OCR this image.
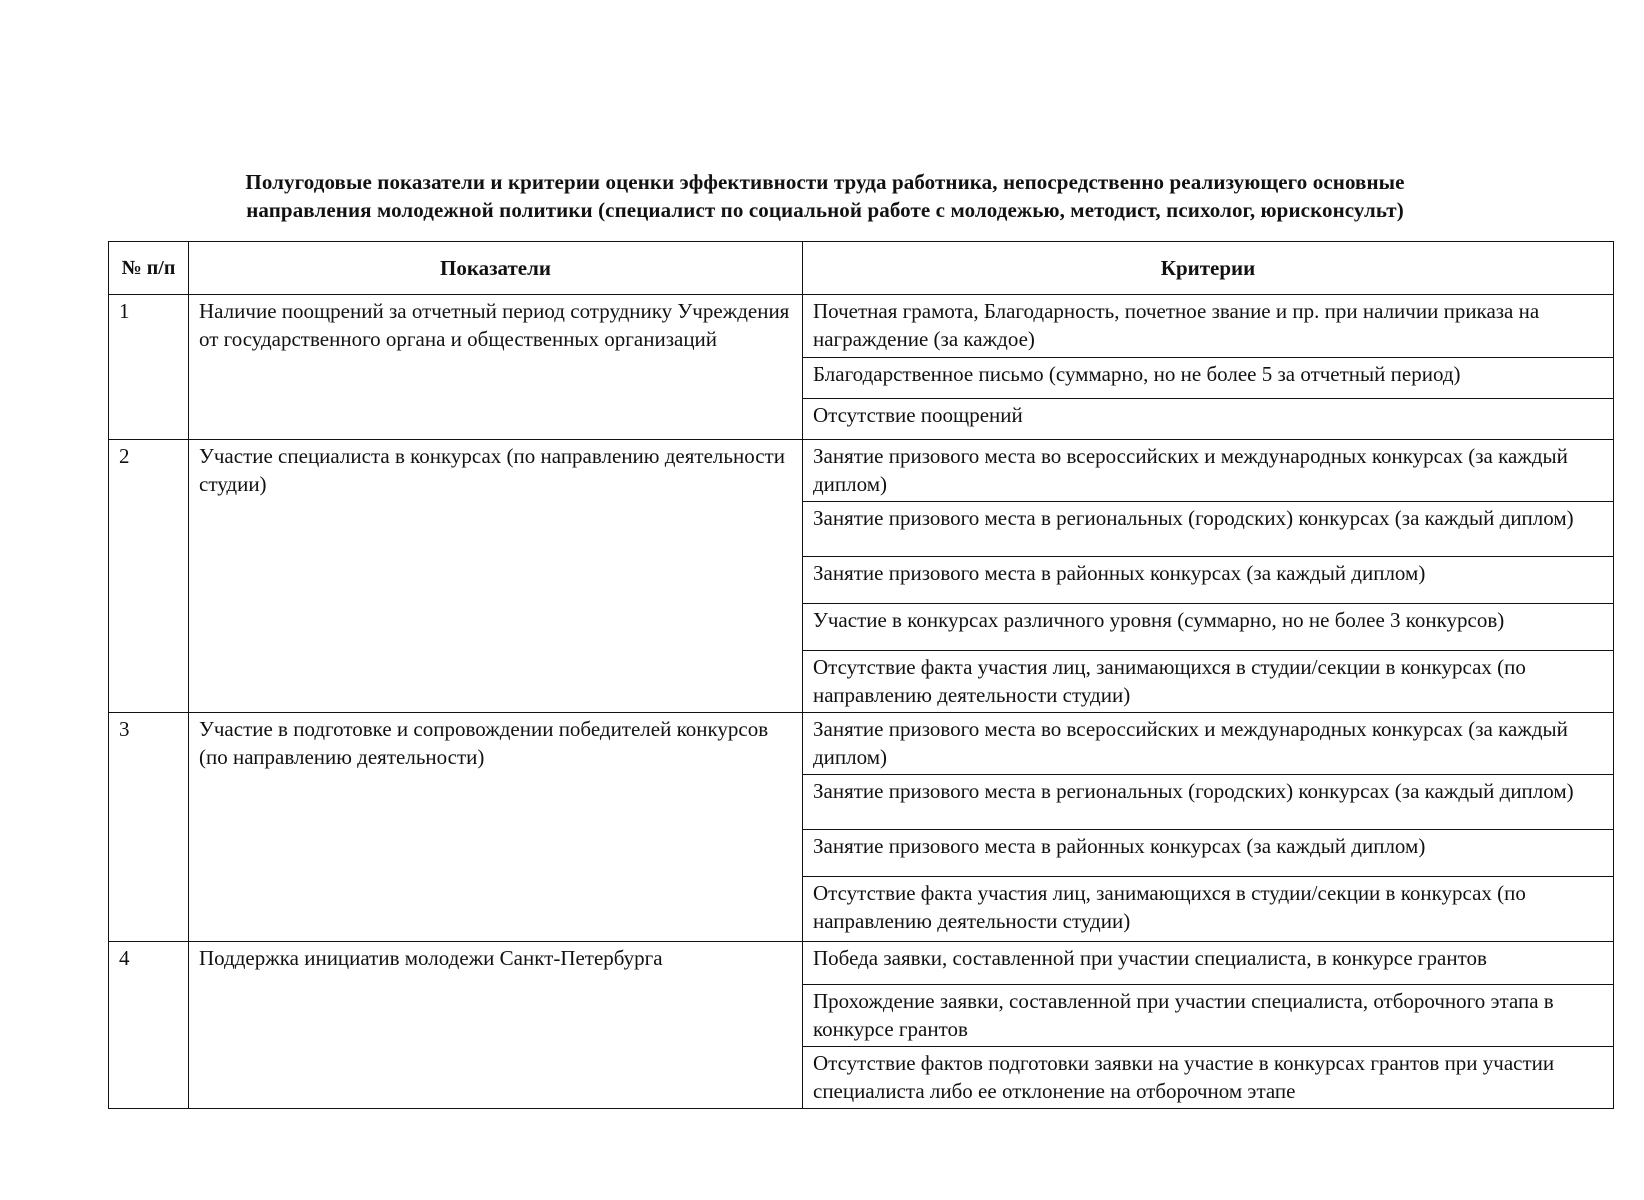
Полугодовые показатели и критерии оценки эффективности труда работника, непосредственно реализующего основные
направления молодежной политики (специалист по социальной работе с молодежью, методист, психолог, юрисконсульт)
№ п/п	Показатели	Критерии
1	Наличие поощрений за отчетный период сотруднику Учреждения от государственного органа и общественных организаций	Почетная грамота, Благодарность, почетное звание и пр. при наличии приказа на награждение (за каждое)
		Благодарственное письмо (суммарно, но не более 5 за отчетный период)
		Отсутствие поощрений
2	Участие специалиста в конкурсах (по направлению деятельности студии)	Занятие призового места во всероссийских и международных конкурсах (за каждый диплом)
		Занятие призового места в региональных (городских) конкурсах (за каждый диплом)
		Занятие призового места в районных конкурсах (за каждый диплом)
		Участие в конкурсах различного уровня (суммарно, но не более 3 конкурсов)
		Отсутствие факта участия лиц, занимающихся в студии/секции в конкурсах (по направлению деятельности студии)
3	Участие в подготовке и сопровождении победителей конкурсов (по направлению деятельности)	Занятие призового места во всероссийских и международных конкурсах (за каждый диплом)
		Занятие призового места в региональных (городских) конкурсах (за каждый диплом)
		Занятие призового места в районных конкурсах (за каждый диплом)
		Отсутствие факта участия лиц, занимающихся в студии/секции в конкурсах (по направлению деятельности студии)
4	Поддержка инициатив молодежи Санкт-Петербурга	Победа заявки, составленной при участии специалиста, в конкурсе грантов
		Прохождение заявки, составленной при участии специалиста, отборочного этапа в конкурсе грантов
		Отсутствие фактов подготовки заявки на участие в конкурсах грантов при участии специалиста либо ее отклонение на отборочном этапе
